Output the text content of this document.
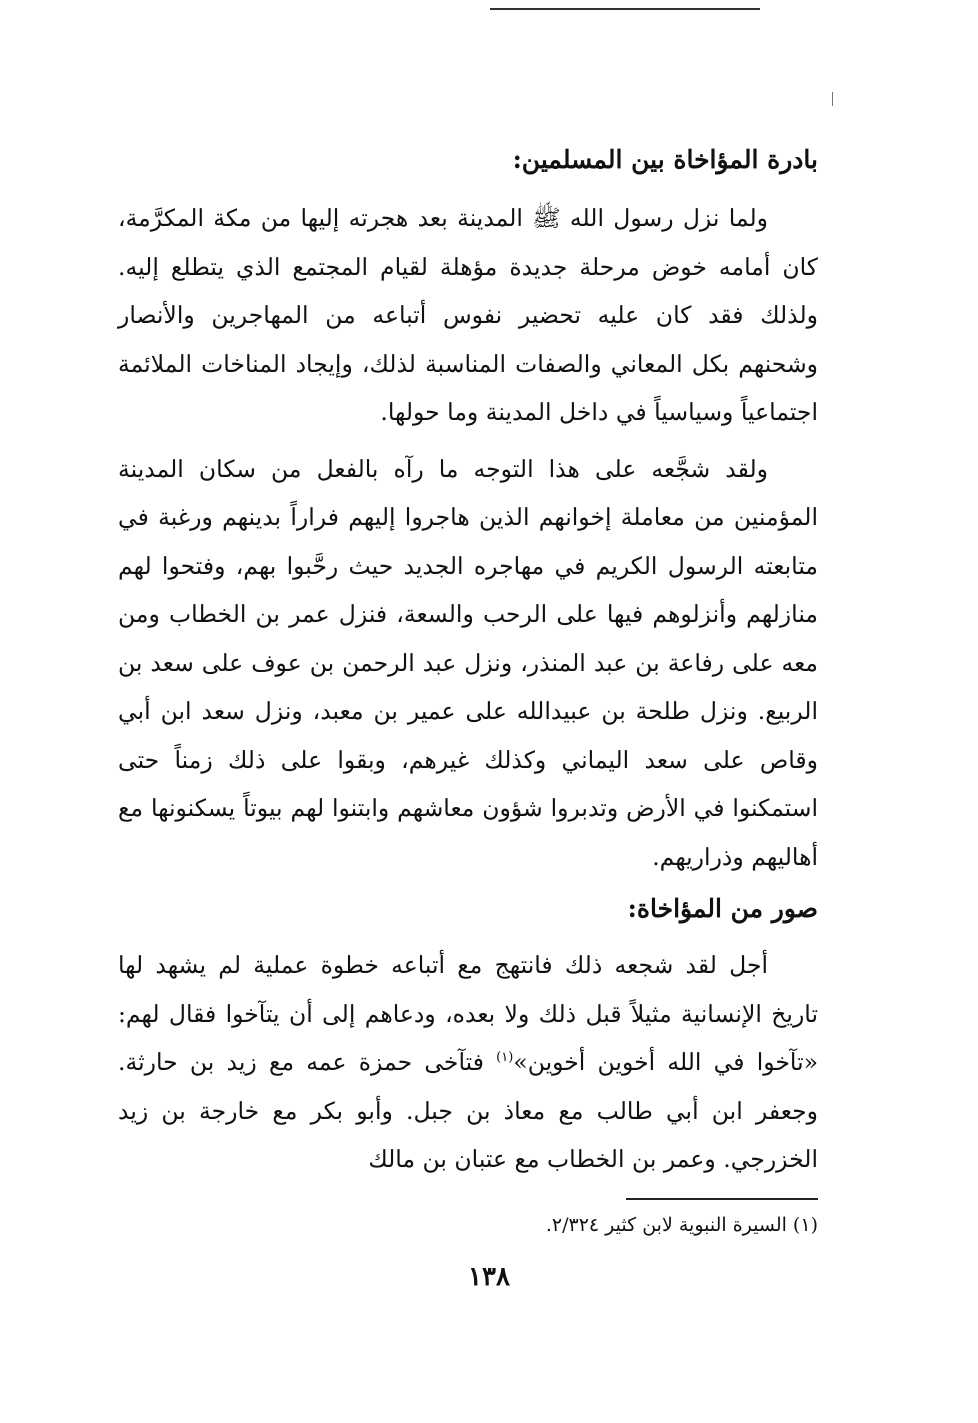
بادرة المؤاخاة بين المسلمين:

ولما نزل رسول الله ﷺ المدينة بعد هجرته إليها من مكة المكرَّمة، كان أمامه خوض مرحلة جديدة مؤهلة لقيام المجتمع الذي يتطلع إليه. ولذلك فقد كان عليه تحضير نفوس أتباعه من المهاجرين والأنصار وشحنهم بكل المعاني والصفات المناسبة لذلك، وإيجاد المناخات الملائمة اجتماعياً وسياسياً في داخل المدينة وما حولها.

ولقد شجَّعه على هذا التوجه ما رآه بالفعل من سكان المدينة المؤمنين من معاملة إخوانهم الذين هاجروا إليهم فراراً بدينهم ورغبة في متابعته الرسول الكريم في مهاجره الجديد حيث رحَّبوا بهم، وفتحوا لهم منازلهم وأنزلوهم فيها على الرحب والسعة، فنزل عمر بن الخطاب ومن معه على رفاعة بن عبد المنذر، ونزل عبد الرحمن بن عوف على سعد بن الربيع. ونزل طلحة بن عبيدالله على عمير بن معبد، ونزل سعد ابن أبي وقاص على سعد اليماني وكذلك غيرهم، وبقوا على ذلك زمناً حتى استمكنوا في الأرض وتدبروا شؤون معاشهم وابتنوا لهم بيوتاً يسكنونها مع أهاليهم وذراريهم.

صور من المؤاخاة:

أجل لقد شجعه ذلك فانتهج مع أتباعه خطوة عملية لم يشهد لها تاريخ الإنسانية مثيلاً قبل ذلك ولا بعده، ودعاهم إلى أن يتآخوا فقال لهم: «تآخوا في الله أخوين أخوين»$^{(١)}$ فتآخى حمزة عمه مع زيد بن حارثة. وجعفر ابن أبي طالب مع معاذ بن جبل. وأبو بكر مع خارجة بن زيد الخزرجي. وعمر بن الخطاب مع عتبان بن مالك

(١) السيرة النبوية لابن كثير ٢/٣٢٤.
١٣٨
